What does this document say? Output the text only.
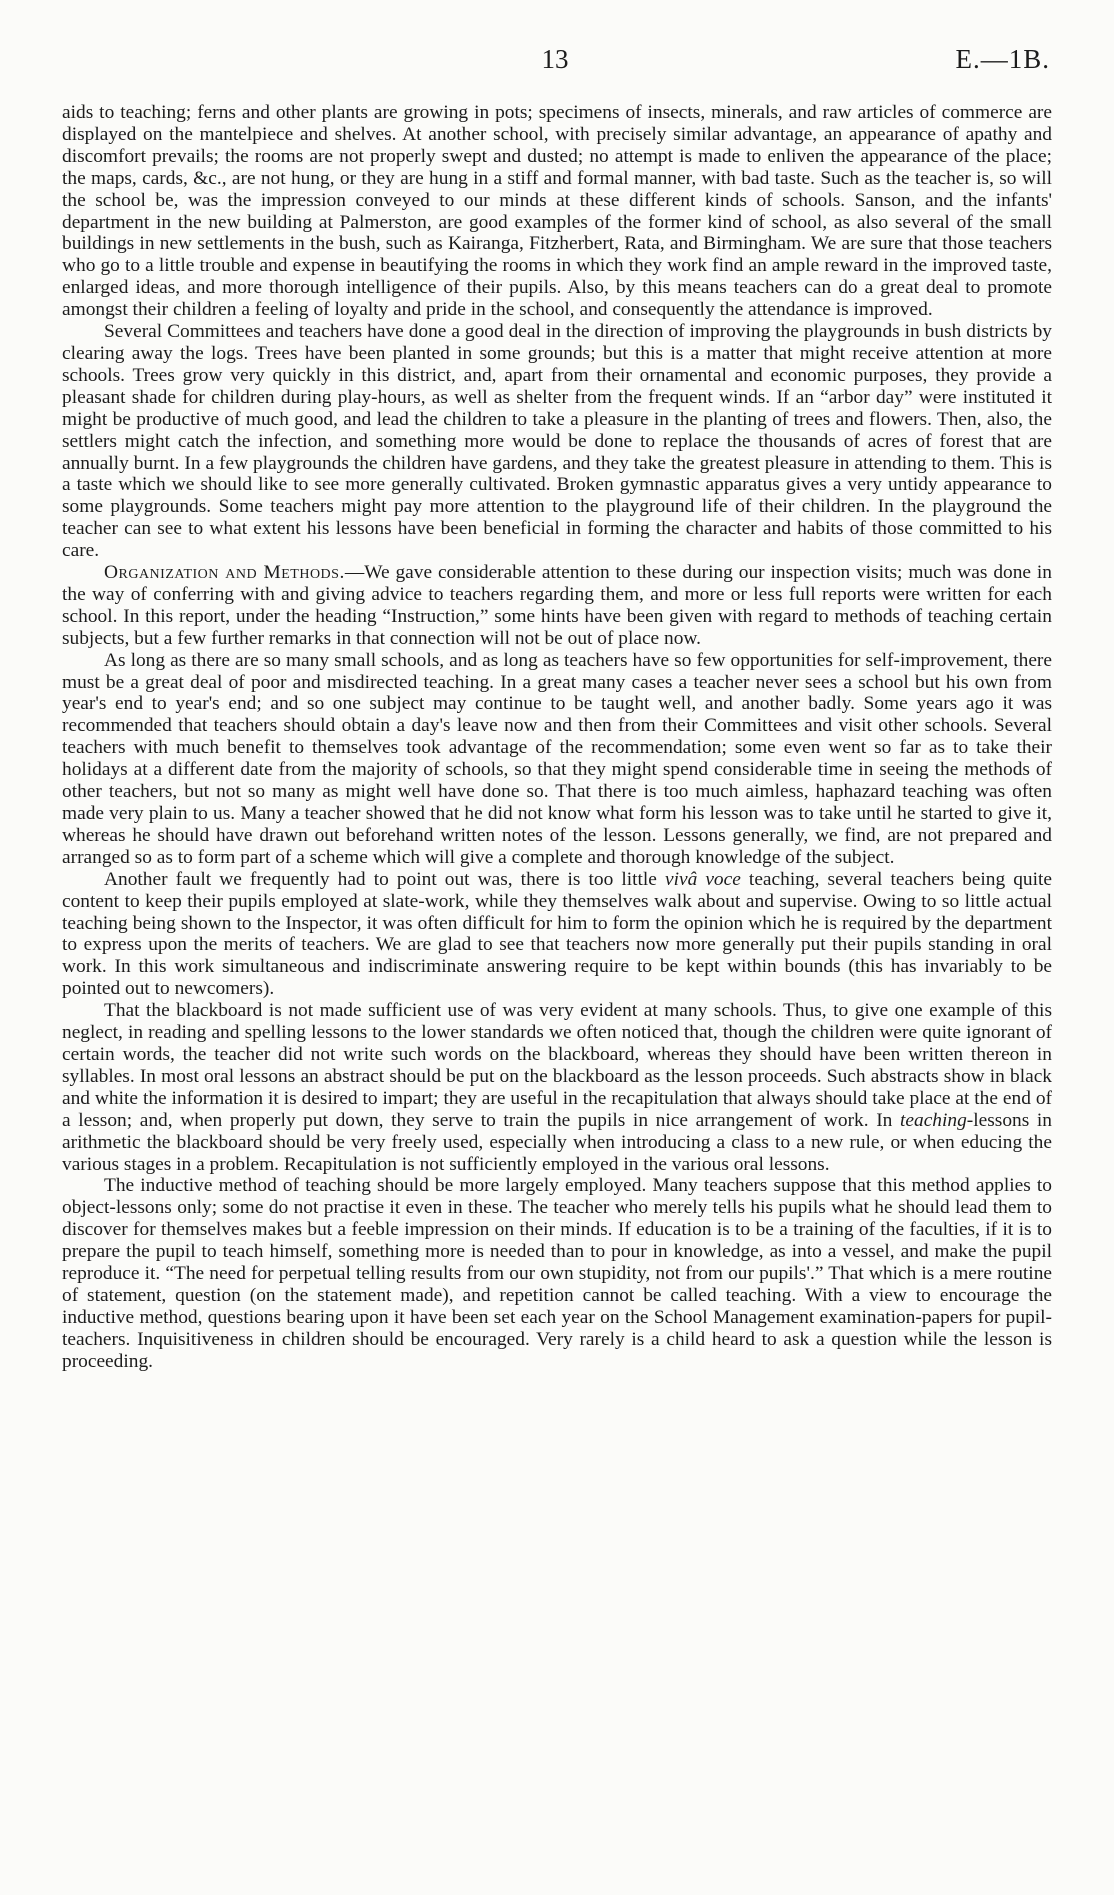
13	E.—1B.

aids to teaching; ferns and other plants are growing in pots; specimens of insects, minerals, and raw articles of commerce are displayed on the mantelpiece and shelves. At another school, with precisely similar advantage, an appearance of apathy and discomfort prevails; the rooms are not properly swept and dusted; no attempt is made to enliven the appearance of the place; the maps, cards, &c., are not hung, or they are hung in a stiff and formal manner, with bad taste. Such as the teacher is, so will the school be, was the impression conveyed to our minds at these different kinds of schools. Sanson, and the infants' department in the new building at Palmerston, are good examples of the former kind of school, as also several of the small buildings in new settlements in the bush, such as Kairanga, Fitzherbert, Rata, and Birmingham. We are sure that those teachers who go to a little trouble and expense in beautifying the rooms in which they work find an ample reward in the improved taste, enlarged ideas, and more thorough intelligence of their pupils. Also, by this means teachers can do a great deal to promote amongst their children a feeling of loyalty and pride in the school, and consequently the attendance is improved.

Several Committees and teachers have done a good deal in the direction of improving the playgrounds in bush districts by clearing away the logs. Trees have been planted in some grounds; but this is a matter that might receive attention at more schools. Trees grow very quickly in this district, and, apart from their ornamental and economic purposes, they provide a pleasant shade for children during play-hours, as well as shelter from the frequent winds. If an “arbor day” were instituted it might be productive of much good, and lead the children to take a pleasure in the planting of trees and flowers. Then, also, the settlers might catch the infection, and something more would be done to replace the thousands of acres of forest that are annually burnt. In a few playgrounds the children have gardens, and they take the greatest pleasure in attending to them. This is a taste which we should like to see more generally cultivated. Broken gymnastic apparatus gives a very untidy appearance to some playgrounds. Some teachers might pay more attention to the playground life of their children. In the playground the teacher can see to what extent his lessons have been beneficial in forming the character and habits of those committed to his care.

Organization and Methods.—We gave considerable attention to these during our inspection visits; much was done in the way of conferring with and giving advice to teachers regarding them, and more or less full reports were written for each school. In this report, under the heading “Instruction,” some hints have been given with regard to methods of teaching certain subjects, but a few further remarks in that connection will not be out of place now.

As long as there are so many small schools, and as long as teachers have so few opportunities for self-improvement, there must be a great deal of poor and misdirected teaching. In a great many cases a teacher never sees a school but his own from year's end to year's end; and so one subject may continue to be taught well, and another badly. Some years ago it was recommended that teachers should obtain a day's leave now and then from their Committees and visit other schools. Several teachers with much benefit to themselves took advantage of the recommendation; some even went so far as to take their holidays at a different date from the majority of schools, so that they might spend considerable time in seeing the methods of other teachers, but not so many as might well have done so. That there is too much aimless, haphazard teaching was often made very plain to us. Many a teacher showed that he did not know what form his lesson was to take until he started to give it, whereas he should have drawn out beforehand written notes of the lesson. Lessons generally, we find, are not prepared and arranged so as to form part of a scheme which will give a complete and thorough knowledge of the subject.

Another fault we frequently had to point out was, there is too little vivâ voce teaching, several teachers being quite content to keep their pupils employed at slate-work, while they themselves walk about and supervise. Owing to so little actual teaching being shown to the Inspector, it was often difficult for him to form the opinion which he is required by the department to express upon the merits of teachers. We are glad to see that teachers now more generally put their pupils standing in oral work. In this work simultaneous and indiscriminate answering require to be kept within bounds (this has invariably to be pointed out to newcomers).

That the blackboard is not made sufficient use of was very evident at many schools. Thus, to give one example of this neglect, in reading and spelling lessons to the lower standards we often noticed that, though the children were quite ignorant of certain words, the teacher did not write such words on the blackboard, whereas they should have been written thereon in syllables. In most oral lessons an abstract should be put on the blackboard as the lesson proceeds. Such abstracts show in black and white the information it is desired to impart; they are useful in the recapitulation that always should take place at the end of a lesson; and, when properly put down, they serve to train the pupils in nice arrangement of work. In teaching-lessons in arithmetic the blackboard should be very freely used, especially when introducing a class to a new rule, or when educing the various stages in a problem. Recapitulation is not sufficiently employed in the various oral lessons.

The inductive method of teaching should be more largely employed. Many teachers suppose that this method applies to object-lessons only; some do not practise it even in these. The teacher who merely tells his pupils what he should lead them to discover for themselves makes but a feeble impression on their minds. If education is to be a training of the faculties, if it is to prepare the pupil to teach himself, something more is needed than to pour in knowledge, as into a vessel, and make the pupil reproduce it. “The need for perpetual telling results from our own stupidity, not from our pupils'.” That which is a mere routine of statement, question (on the statement made), and repetition cannot be called teaching. With a view to encourage the inductive method, questions bearing upon it have been set each year on the School Management examination-papers for pupil-teachers. Inquisitiveness in children should be encouraged. Very rarely is a child heard to ask a question while the lesson is proceeding.
